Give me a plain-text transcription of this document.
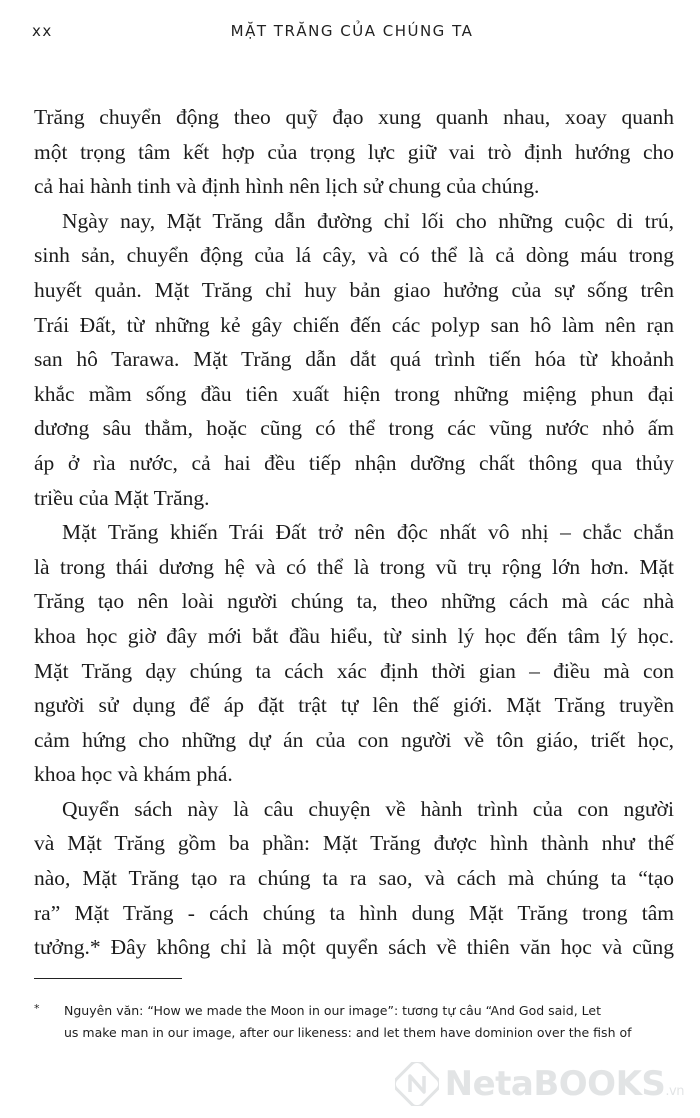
xx	MẶT TRĂNG CỦA CHÚNG TA

Trăng chuyển động theo quỹ đạo xung quanh nhau, xoay quanh
một trọng tâm kết hợp của trọng lực giữ vai trò định hướng cho
cả hai hành tinh và định hình nên lịch sử chung của chúng.

Ngày nay, Mặt Trăng dẫn đường chỉ lối cho những cuộc di trú,
sinh sản, chuyển động của lá cây, và có thể là cả dòng máu trong
huyết quản. Mặt Trăng chỉ huy bản giao hưởng của sự sống trên
Trái Đất, từ những kẻ gây chiến đến các polyp san hô làm nên rạn
san hô Tarawa. Mặt Trăng dẫn dắt quá trình tiến hóa từ khoảnh
khắc mầm sống đầu tiên xuất hiện trong những miệng phun đại
dương sâu thẳm, hoặc cũng có thể trong các vũng nước nhỏ ấm
áp ở rìa nước, cả hai đều tiếp nhận dưỡng chất thông qua thủy
triều của Mặt Trăng.

Mặt Trăng khiến Trái Đất trở nên độc nhất vô nhị – chắc chắn
là trong thái dương hệ và có thể là trong vũ trụ rộng lớn hơn. Mặt
Trăng tạo nên loài người chúng ta, theo những cách mà các nhà
khoa học giờ đây mới bắt đầu hiểu, từ sinh lý học đến tâm lý học.
Mặt Trăng dạy chúng ta cách xác định thời gian – điều mà con
người sử dụng để áp đặt trật tự lên thế giới. Mặt Trăng truyền
cảm hứng cho những dự án của con người về tôn giáo, triết học,
khoa học và khám phá.

Quyển sách này là câu chuyện về hành trình của con người
và Mặt Trăng gồm ba phần: Mặt Trăng được hình thành như thế
nào, Mặt Trăng tạo ra chúng ta ra sao, và cách mà chúng ta “tạo
ra” Mặt Trăng - cách chúng ta hình dung Mặt Trăng trong tâm
tưởng.* Đây không chỉ là một quyển sách về thiên văn học và cũng

*	Nguyên văn: “How we made the Moon in our image”: tương tự câu “And God said, Let
us make man in our image, after our likeness: and let them have dominion over the fish of
NetaBOOKS.vn
